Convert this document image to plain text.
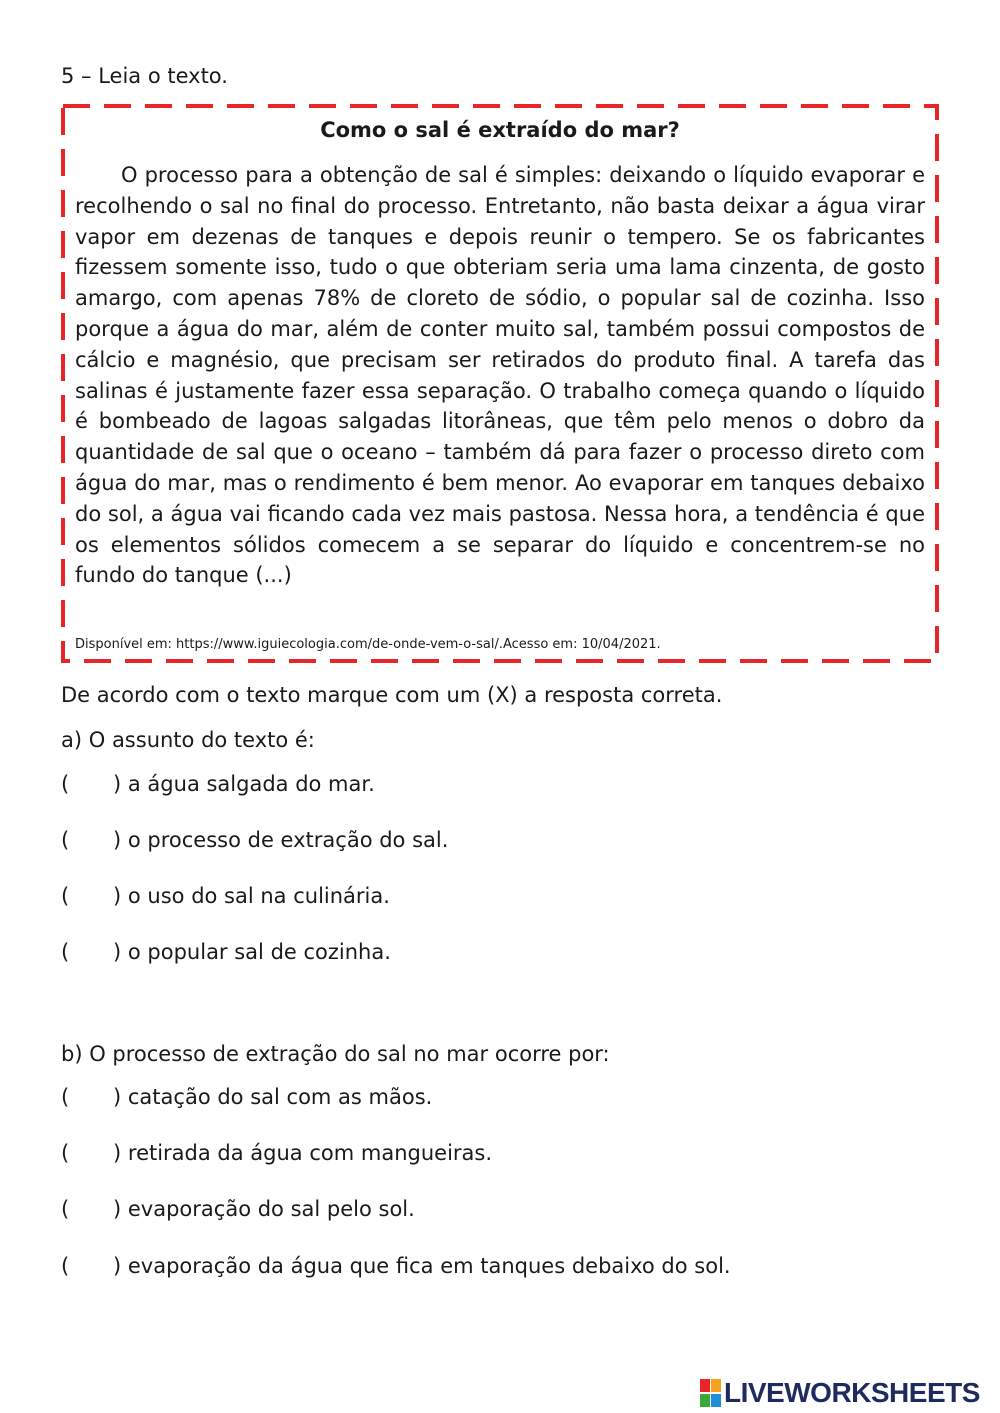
5 – Leia o texto.
Como o sal é extraído do mar?
O processo para a obtenção de sal é simples: deixando o líquido evaporar e recolhendo o sal no final do processo. Entretanto, não basta deixar a água virar vapor em dezenas de tanques e depois reunir o tempero. Se os fabricantes fizessem somente isso, tudo o que obteriam seria uma lama cinzenta, de gosto amargo, com apenas 78% de cloreto de sódio, o popular sal de cozinha. Isso porque a água do mar, além de conter muito sal, também possui compostos de cálcio e magnésio, que precisam ser retirados do produto final. A tarefa das salinas é justamente fazer essa separação. O trabalho começa quando o líquido é bombeado de lagoas salgadas litorâneas, que têm pelo menos o dobro da quantidade de sal que o oceano – também dá para fazer o processo direto com água do mar, mas o rendimento é bem menor. Ao evaporar em tanques debaixo do sol, a água vai ficando cada vez mais pastosa. Nessa hora, a tendência é que os elementos sólidos comecem a se separar do líquido e concentrem-se no fundo do tanque (...)
Disponível em: https://www.iguiecologia.com/de-onde-vem-o-sal/.Acesso em: 10/04/2021.
De acordo com o texto marque com um (X) a resposta correta.
a) O assunto do texto é:
( ) a água salgada do mar.
( ) o processo de extração do sal.
( ) o uso do sal na culinária.
( ) o popular sal de cozinha.
b) O processo de extração do sal no mar ocorre por:
( ) catação do sal com as mãos.
( ) retirada da água com mangueiras.
( ) evaporação do sal pelo sol.
( ) evaporação da água que fica em tanques debaixo do sol.
LIVEWORKSHEETS
